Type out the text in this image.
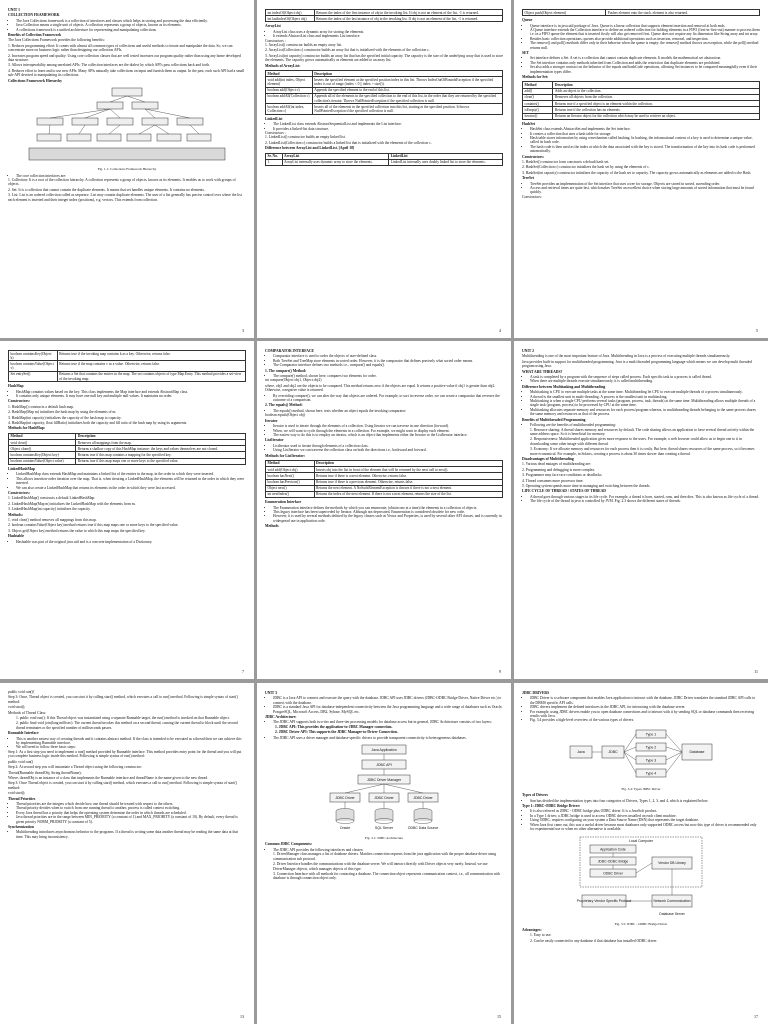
UNIT 1
COLLECTION FRAMEWORK
• The Java Collections framework is a collection of interfaces and classes which helps in storing and processing the data efficiently.
• Java Collection means a single unit of objects. A collection represents a group of objects, known as its elements.
• A collections framework is a unified architecture for representing and manipulating collections
Benefits of Collection Framework

The Java Collections Framework provides the following benefits:

1. Reduces programming effort: It comes with almost all common types of collections and useful methods to iterate and manipulate the data. So, we can concentrate more on business logic rather than designing our collection APIs.

2. Increases program speed and quality: Using core collection classes that are well tested increases our program quality rather than using any home developed data structure.

3. Allows interoperability among unrelated APIs: The collection interfaces are the dialect by which API's pass collections back and forth.

4. Reduces effort to learn and to use new APIs: Many APIs naturally take collections on input and furnish them as output. In the past, each such API had a small sub-API devoted to manipulating its collections.

Collections Framework Hierarchy
Fig. 1.1: Collections Framework Hierarchy
• The core collection interfaces are:

1. Collection: It is a root of the collection hierarchy. A collection represents a group of objects, known as its elements. It enables us to work with groups of objects.

2. Set: It is a collection that cannot contain the duplicate elements. It means that set handles unique elements. It contains no elements.

3. List: List is an ordered collection called as sequence. List may contain duplicate elements. The user of a list generally has precise control over where the list each element is inserted and their integer index (positions), e.g. vectors. This extends from collection.

3
int indexOf(Object obj)	Returns the index of the first instance of obj in the invoking list. If obj is not an element of the list, -1 is returned.
int lastIndexOf(Object obj)	Returns the index of the last instance of obj in the invoking list. If obj is not an element of the list, -1 is returned.
ArrayList
• ArrayList class uses a dynamic array for storing the elements.
• It extends AbstractList class and implements List interface.
Constructors :

1. ArrayList() constructor builds an empty array list.

2. ArrayList(Collection c) constructor builds an array list that is initialized with the elements of the collection c.

3. ArrayList(int capacity) constructor builds an array list that has the specified initial capacity. The capacity is the size of the underlying array that is used to store the elements. The capacity grows automatically as elements are added to an array list.

Methods of ArrayList:
Method	Description
void add(int index, Object element)	Inserts the specified element at the specified position index in this list. Throws IndexOutOfBoundsException if the specified index is out of range (index < 0 || index > size()).
boolean add(Object o)	Appends the specified element to the end of this list.
boolean addAll(Collection c)	Appends all of the elements in the specified collection to the end of this list, in the order that they are returned by the specified collection's iterator. Throws NullPointerException if the specified collection is null.
boolean addAll(int index, Collection c)	Inserts all of the elements in the specified collection into this list, starting at the specified position. It throws NullPointerException if the specified collection is null.
LinkedList
• The LinkedList class extends AbstractSequentialList and implements the List interface.
• It provides a linked-list data structure.
Constructors :

1. LinkedList() constructor builds an empty linked list.

2. LinkedList(Collection c) constructor builds a linked list that is initialized with the elements of the collection c.

Difference between ArrayList and LinkedList. [April 18]
Sr. No.	ArrayList	LinkedList
1.	ArrayList internally uses dynamic array to store the elements.	LinkedList internally uses doubly linked list to store the elements.
4
Object push(Object element)	Pushes element onto the stack. element is also returned.
Queue
• Queue interface is in java.util package of Java. Queue is a linear collection that supports element insertion and removal at both ends.
• A Queue interface extends the Collection interface to define an ordered collection for holding elements in a FIFO (first-in-first-out) manner to process them i.e. in a FIFO queue the element that is inserted firstly will also get removed first. Queue does not require any fix dimension like String array and int array.
• Besides basic collection operations, queues also provide additional operations such as insertion, removal, and inspection.
• The remove() and poll() methods differ only in their behavior when the queue is empty: the remove() method throws an exception, while the poll() method returns null.
SET
• Set interface defines a Set. A set is a collection that cannot contain duplicate elements. It models the mathematical set abstraction.
• The Set interface contains only methods inherited from Collection and adds the restriction that duplicate elements are prohibited.
• Set also adds a stronger contract on the behavior of the equals and hashCode operations, allowing Set instances to be compared meaningfully even if their implementation types differ.
Methods for Set:
Method	Description
add()	Adds an object to the collection.
clear()	Removes all objects from the collection.
contains()	Returns true if a specified object is an element within the collection.
isEmpty()	Returns true if the collection has no elements.
iterator()	Returns an Iterator object for the collection which may be used to retrieve an object.
HashSet
• HashSet class extends AbstractSet and implements the Set interface.
• It creates a collection that uses a hash table for storage.
• Hash table stores information by using a mechanism called hashing. In hashing, the informational content of a key is used to determine a unique value, called its hash code.
• The hash code is then used as the index at which the data associated with the key is stored. The transformation of the key into its hash code is performed automatically.
Constructors:

1. HashSet() constructor form constructs a default hash set.

2. HashSet(Collection c) constructor initializes the hash set by using the elements of c.

3. HashSet(int capacity) constructor initializes the capacity of the hash set to capacity. The capacity grows automatically as elements are added to the Hash.

TreeSet
• TreeSet provides an implementation of the Set interface that uses a tree for storage. Objects are stored in sorted, ascending order.
• Access and retrieval times are quite fast, which makes TreeSet an excellent choice when storing large amounts of sorted information that must be found quickly.
Constructors:
5
boolean containsKey(Object k)	Returns true if the invoking map contains k as a key. Otherwise, returns false.
boolean containsValue(Object v)	Returns true if the map contains v as a value. Otherwise, returns false.
Set entrySet()	Returns a Set that contains the entries in the map. The set contains objects of type Map.Entry. This method provides a set-view of the invoking map.
HashMap
• HashMap contains values based on the key. This class implements the Map interface and extends AbstractMap class.
• It contains only unique elements. It may have one null key and multiple null values. It maintains no order.
Constructors:

1. HashMap() constructs a default hash map.

2. HashMap(Map m) initializes the hash map by using the elements of m.

3. HashMap(int capacity) initializes the capacity of the hash map to capacity.

4. HashMap(int capacity, float fillRatio) initializes both the capacity and fill ratio of the hash map by using its arguments.

Methods for HashMap:
Method	Description
void clear()	Removes all mappings from the map.
Object clone()	Returns a shallow copy of this HashMap instance: the keys and values themselves are not cloned.
boolean containsKey(Object key)	Returns true if this map contains a mapping for the specified key.
boolean containsValue(Object value)	Returns true if this map maps one or more keys to the specified value.
LinkedHashMap
• LinkedHashMap class extends HashMap and maintains a linked list of the entries in the map, in the order in which they were inserted.
• This allows insertion-order iteration over the map. That is, when iterating a LinkedHashMap, the elements will be returned in the order in which they were inserted.
• We can also create a LinkedHashMap that returns its elements in the order in which they were last accessed.
Constructors:

1. LinkedHashMap() constructs a default LinkedHashMap.

2. LinkedHashMap(Map m) initializes the LinkedHashMap with the elements from m.

3. LinkedHashMap(int capacity) initializes the capacity.

Methods:

1. void clear() method removes all mappings from this map.

2. boolean containsValue(Object key) method returns true if this map maps one or more keys to the specified value.

3. Object get(Object key) method returns the value to which this map maps the specified key.

Hashtable
• Hashtable was part of the original java.util and is a concrete implementation of a Dictionary.
7
COMPARATOR INTERFACE
• Comparator interface is used to order the objects of user-defined class.
• Both TreeSet and TreeMap store elements in sorted order. However, it is the comparator that defines precisely what sorted order means.
• The Comparator interface defines two methods i.e., compare() and equals().
1. The compare() Method:
• The compare() method, shown here, compares two elements for order.

int compare(Object obj1, Object obj2)

where, obj1 and obj2 are the objects to be compared. This method returns zero if the objects are equal. It returns a positive value if obj1 is greater than obj2. Otherwise, a negative value is returned.

• By overriding compare(), we can alter the way that objects are ordered. For example, to sort in reverse order, we can create a comparator that reverses the outcome of a comparison.
2. The equals() Method:
• The equals() method, shown here, tests whether an object equals the invoking comparator:

boolean equals(Object obj)

Iterator
• Iterator is used to iterate through the elements of a collection. Using Iterator we can traverse in one direction (forward).
• When, we will want to cycle through the elements in a collection. For example, we might want to display each element.
• The easiest way to do this is to employ an iterator, which is an object that implements either the Iterator or the ListIterator interface.
ListIterator
• ListIterator used to iterate through elements of a collection class.
• Using ListIterator we can traverse the collection class on both the directions i.e., backward and forward.
Methods for ListIterator:
Method	Description
void add(Object obj)	Inserts obj into the list in front of the element that will be returned by the next call to next().
boolean hasNext()	Returns true if there is a next element. Otherwise, returns false.
boolean hasPrevious()	Returns true if there is a previous element. Otherwise, returns false.
Object next()	Returns the next element. A NoSuchElementException is thrown if there is not a next element.
int nextIndex()	Returns the index of the next element. If there is not a next element, returns the size of the list.
Enumeration Interface
• The Enumeration interface defines the methods by which you can enumerate, (obtain one at a time) the elements in a collection of objects.
• This legacy interface has been superceded by Iterator. Although not deprecated, Enumeration is considered obsolete for new code.
• However, it is used by several methods defined by the legacy classes such as Vector and Properties, is used by several other API classes, and is currently in widespread use in application code.
Methods
9
UNIT 2

Multithreading is one of the most important feature of Java. Multithreading in Java is a process of executing multiple threads simultaneously.

Java provides built-in support for multithreaded programming. Java is a multi threaded programming language which means we can develop multi threaded program using Java.

WHAT ARE THREADS?
• A task is completed by a program with the sequence of steps called process. Each specific task in a process is called thread.
• When there are multiple threads execute simultaneously, it is called multithreading.
Difference between Multitasking and Multithreading
• Multitasking is CPU to execute multiple tasks at the same time. Multithreading let CPU to execute multiple threads of a process simultaneously.
• A thread is the smallest unit in multi-threading. A process is the smallest unit in multitasking.
• Multitasking is when a single CPU performs several tasks (program, process, task, threads) at the same time. Multithreading allows multiple threads of a single task (program, process) to be processed by CPU at the same time.
• Multitasking allocates separate memory and resources for each process/program whereas, in multithreading threads belonging to the same process shares the same memory and resources as that of the process.
Benefits of Multithreaded Programming
• Following are the benefits of multithreaded programming:

1. Resource sharing: A thread shares memory and resources by default. The code sharing allows an application to have several thread activity within the same address space. So it is beneficial for memory.

2. Responsiveness: Multithreaded application gives more response to the users. For example, a web browser could allow us to begin one to it in downloading some other image with different thread.

3. Economy: If we allocate memory and resources for each process then it is costly. But here, thread shares resources of the same process, so it becomes more economical. For example, in Solaris, creating a process is about 30 times slower than creating a thread.

Disadvantages of Multithreading

1. Various dead mutages of multithreading are:

2. Programming and debugging is more complex.

3. Programmer may face race conditions or deadlocks.

4. Thread consumes more processor time.

5. Operating system spends more time in managing and switching between the threads.

LIFE CYCLE OF THREAD / STATES OF THREAD
• A thread goes through various stages in its life cycle. For example, a thread is born, started, runs, and then dies. This is also known as life cycle of a thread.
• The life cycle of the thread in java is controlled by JVM. Fig. 2.3 shows the different states of threads.
11

public void run(){

Step 3: Once, Thread object is created, you can start it by calling start() method, which executes a call to run() method. Following is simple syntax of start() method:

void start();

Methods of Thread Class:

1. public void run(): If this Thread object was instantiated using a separate Runnable target, the run() method is invoked on that Runnable object.

2. public final void join(long millisec): The current thread invokes this method on a second thread, causing the current thread to block until the second thread terminates or the specified number of milliseconds passes.

Runnable Interface
• This is another easiest way of creating threads and it contains abstract method. If the class is intended to be executed as a thread then we can achieve this by implementing Runnable interface.
• We will need to follow three basic steps:

Step 1: As a first step you need to implement a run() method provided by Runnable interface. This method provides entry point for the thread and you will put you complete business logic inside this method. Following is simple syntax of run() method:

public void run()

Step 2: At second step you will instantiate a Thread object using the following constructor:

Thread(Runnable threadObj, String threadName);

Where, threadObj is an instance of a class that implements the Runnable interface and threadName is the name given to the new thread.

Step 3: Once Thread object is created, you can start it by calling start() method, which executes a call to run() method. Following is simple syntax of start() method:

void start();

Thread Priorities
• Thread priorities are the integers which decide how one thread should be treated with respect to the others.
• Thread priority decides when to switch from one running thread to another, process is called context switching.
• Every Java thread has a priority that helps the operating system determine the order in which threads are scheduled.
• Java thread priorities are in the range between MIN_PRIORITY (a constant of 1) and MAX_PRIORITY (a constant of 10). By default, every thread is given priority NORM_PRIORITY (a constant of 5).
Synchronization
• Multithreading introduces asynchronous behavior to the programs. If a thread is writing some data another thread may be reading the same data at that time. This may bring inconsistency.
13
UNIT 3
• JDBC is a Java API to connect and execute the query with the database. JDBC API uses JDBC drivers (JDBC-ODBC Bridge Driver, Native Driver etc.) to connect with the database.
• JDBC is a standard Java API for database-independent connectivity between the Java programming language and a wide range of databases such as Oracle, PostgreSQL, Microsoft Access, DB2, Sybase, MySQL etc.
JDBC Architecture:
• The JDBC API supports both two-tier and three-tier processing models for database access but in general, JDBC Architecture consists of two layers:

1. JDBC API: This provides the application-to-JDBC Manager connection.

2. JDBC Driver API: This supports the JDBC Manager-to-Driver Connection.

• The JDBC API uses a driver manager and database-specific drivers to provide transparent connectivity to heterogeneous databases.
Java Application
JDBC API
JDBC Driver Manager
JDBC Driver	JDBC Driver	JDBC Driver
Oracle	SQL Server	ODBC Data Source
Fig. 3.1: JDBC Architecture
Common JDBC Components:
• The JDBC API provides the following interfaces and classes:

1. DriverManager class manages a list of database drivers. Matches connection requests from the java application with the proper database driver using communication sub protocol.

2. Driver Interface handles the communications with the database server. We will interact directly with Driver objects very rarely. Instead, we use DriverManager objects, which manages objects of this type.

3. Connection Interface with all methods for contacting a database. The connection object represents communication context, i.e., all communication with database is through connection object only.

15
JDBC DRIVERS
• JDBC Driver is a software component that enables Java application to interact with the database. JDBC Driver translates the standard JDBC API calls to the DBMS specific API calls.
• JDBC drivers implement the defined interfaces in the JDBC API, for interacting with the database server.
• For example, using JDBC drivers enable you to open database connections and to interact with it by sending SQL or database commands then receiving results with Java.
• Fig. 3.4 provides a high-level overview of the various types of drivers.
Java	JDBC
Type 1
Type 2
Type 3
Type 4
Database
Fig. 3.4: Types JDBC Driver
Types of Drivers
• Sun has divided the implementation types into four categories of Drivers, Types 1, 2, 3, and 4, which is explained below:
Type 1: JDBC-ODBC Bridge Driver:
• It is also referred as JDBC - ODBC bridge plus ODBC driver. It is a JavaSoft product.
• In a Type 1 driver, a JDBC bridge is used to access ODBC drivers installed on each client machine.
• Using ODBC, requires configuring on your system a Data Source Name (DSN) that represents the target database.
• When Java first came out, this was a useful driver because most databases only supported ODBC access but now this type of driver is recommended only for experimental use or when no other alternative is available.
Local Computer
Application Code
JDBC-ODBC Bridge
ODBC Driver
Vendor DB Library
Proprietary Vendor Specific Protocol	Network Communication
Database Server
Fig. 3.5: JDBC - ODBC Bridge Driver
Advantages:

1. Easy to use.

2. Can be easily connected to any database if that database has installed ODBC driver.

17
